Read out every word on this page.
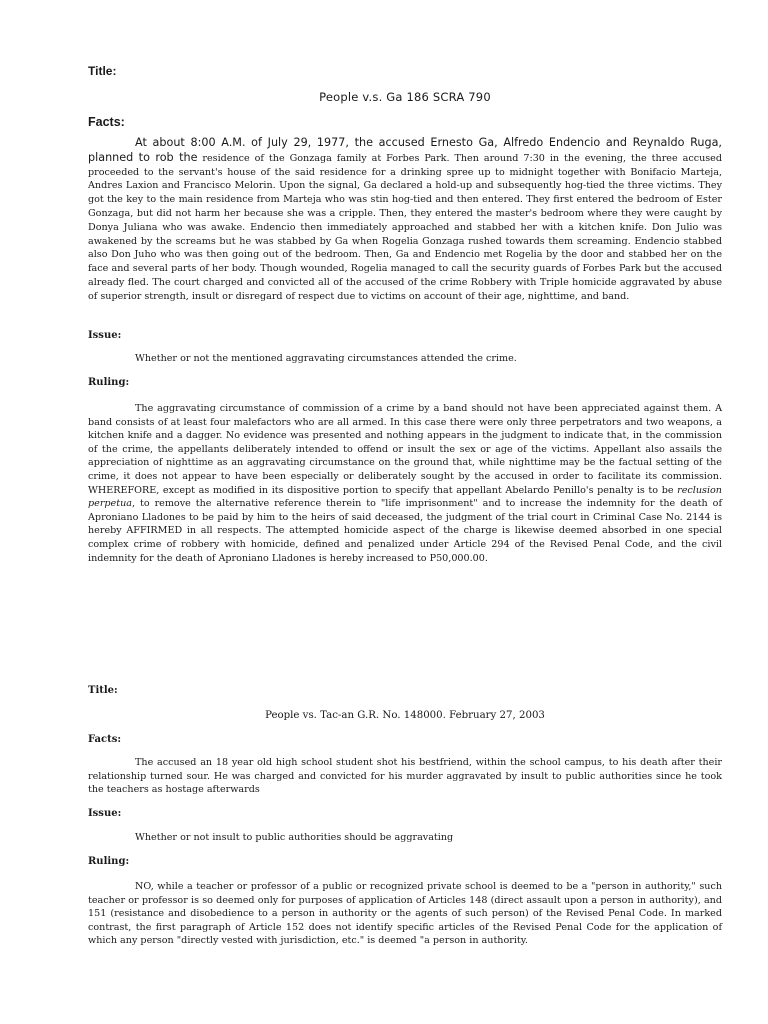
Title:
People v.s. Ga 186 SCRA 790
Facts:

At about 8:00 A.M. of July 29, 1977, the accused Ernesto Ga, Alfredo Endencio and Reynaldo Ruga, planned to rob the residence of the Gonzaga family at Forbes Park. Then around 7:30 in the evening, the three accused proceeded to the servant's house of the said residence for a drinking spree up to midnight together with Bonifacio Marteja, Andres Laxion and Francisco Melorin. Upon the signal, Ga declared a hold-up and subsequently hog-tied the three victims. They got the key to the main residence from Marteja who was stin hog-tied and then entered. They first entered the bedroom of Ester Gonzaga, but did not harm her because she was a cripple. Then, they entered the master's bedroom where they were caught by Donya Juliana who was awake. Endencio then immediately approached and stabbed her with a kitchen knife. Don Julio was awakened by the screams but he was stabbed by Ga when Rogelia Gonzaga rushed towards them screaming. Endencio stabbed also Don Juho who was then going out of the bedroom. Then, Ga and Endencio met Rogelia by the door and stabbed her on the face and several parts of her body. Though wounded, Rogelia managed to call the security guards of Forbes Park but the accused already fled. The court charged and convicted all of the accused of the crime Robbery with Triple homicide aggravated by abuse of superior strength, insult or disregard of respect due to victims on account of their age, nighttime, and band.

Issue:
Whether or not the mentioned aggravating circumstances attended the crime.
Ruling:

The aggravating circumstance of commission of a crime by a band should not have been appreciated against them. A band consists of at least four malefactors who are all armed. In this case there were only three perpetrators and two weapons, a kitchen knife and a dagger. No evidence was presented and nothing appears in the judgment to indicate that, in the commission of the crime, the appellants deliberately intended to offend or insult the sex or age of the victims. Appellant also assails the appreciation of nighttime as an aggravating circumstance on the ground that, while nighttime may be the factual setting of the crime, it does not appear to have been especially or deliberately sought by the accused in order to facilitate its commission. WHEREFORE, except as modified in its dispositive portion to specify that appellant Abelardo Penillo's penalty is to be reclusion perpetua, to remove the alternative reference therein to "life imprisonment" and to increase the indemnity for the death of Aproniano Lladones to be paid by him to the heirs of said deceased, the judgment of the trial court in Criminal Case No. 2144 is hereby AFFIRMED in all respects. The attempted homicide aspect of the charge is likewise deemed absorbed in one special complex crime of robbery with homicide, defined and penalized under Article 294 of the Revised Penal Code, and the civil indemnity for the death of Aproniano Lladones is hereby increased to P50,000.00.

Title:
People vs. Tac-an G.R. No. 148000. February 27, 2003
Facts:

The accused an 18 year old high school student shot his bestfriend, within the school campus, to his death after their relationship turned sour. He was charged and convicted for his murder aggravated by insult to public authorities since he took the teachers as hostage afterwards

Issue:
Whether or not insult to public authorities should be aggravating
Ruling:

NO, while a teacher or professor of a public or recognized private school is deemed to be a "person in authority," such teacher or professor is so deemed only for purposes of application of Articles 148 (direct assault upon a person in authority), and 151 (resistance and disobedience to a person in authority or the agents of such person) of the Revised Penal Code. In marked contrast, the first paragraph of Article 152 does not identify specific articles of the Revised Penal Code for the application of which any person "directly vested with jurisdiction, etc." is deemed "a person in authority.
